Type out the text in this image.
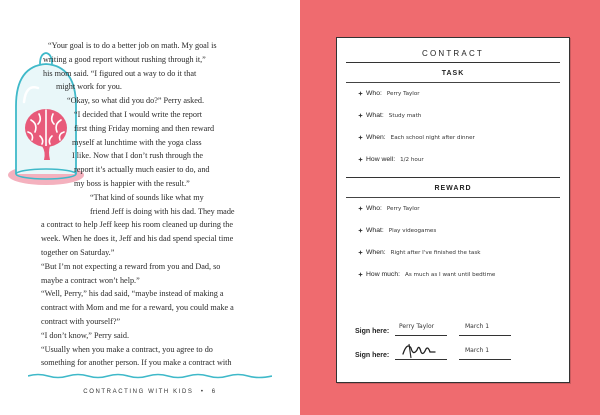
“Your goal is to do a better job on math. My goal is

writing a good report without rushing through it,”

his mom said. “I figured out a way to do it that

might work for you.

“Okay, so what did you do?” Perry asked.

“I decided that I would write the report

first thing Friday morning and then reward

myself at lunchtime with the yoga class

I like. Now that I don’t rush through the

report it’s actually much easier to do, and

my boss is happier with the result.”

“That kind of sounds like what my

friend Jeff is doing with his dad. They made

a contract to help Jeff keep his room cleaned up during the

week. When he does it, Jeff and his dad spend special time

together on Saturday.”

“But I’m not expecting a reward from you and Dad, so

maybe a contract won’t help.”

“Well, Perry,” his dad said, “maybe instead of making a

contract with Mom and me for a reward, you could make a

contract with yourself?”

“I don’t know,” Perry said.

“Usually when you make a contract, you agree to do

something for another person. If you make a contract with

CONTRACTING WITH KIDS • 6
CONTRACT
TASK
Who: Perry Taylor
What: Study math
When: Each school night after dinner
How well: 1/2 hour
REWARD
Who: Perry Taylor
What: Play videogames
When: Right after I've finished the task
How much: As much as I want until bedtime
Sign here:
Perry Taylor	March 1
Sign here:
March 1
